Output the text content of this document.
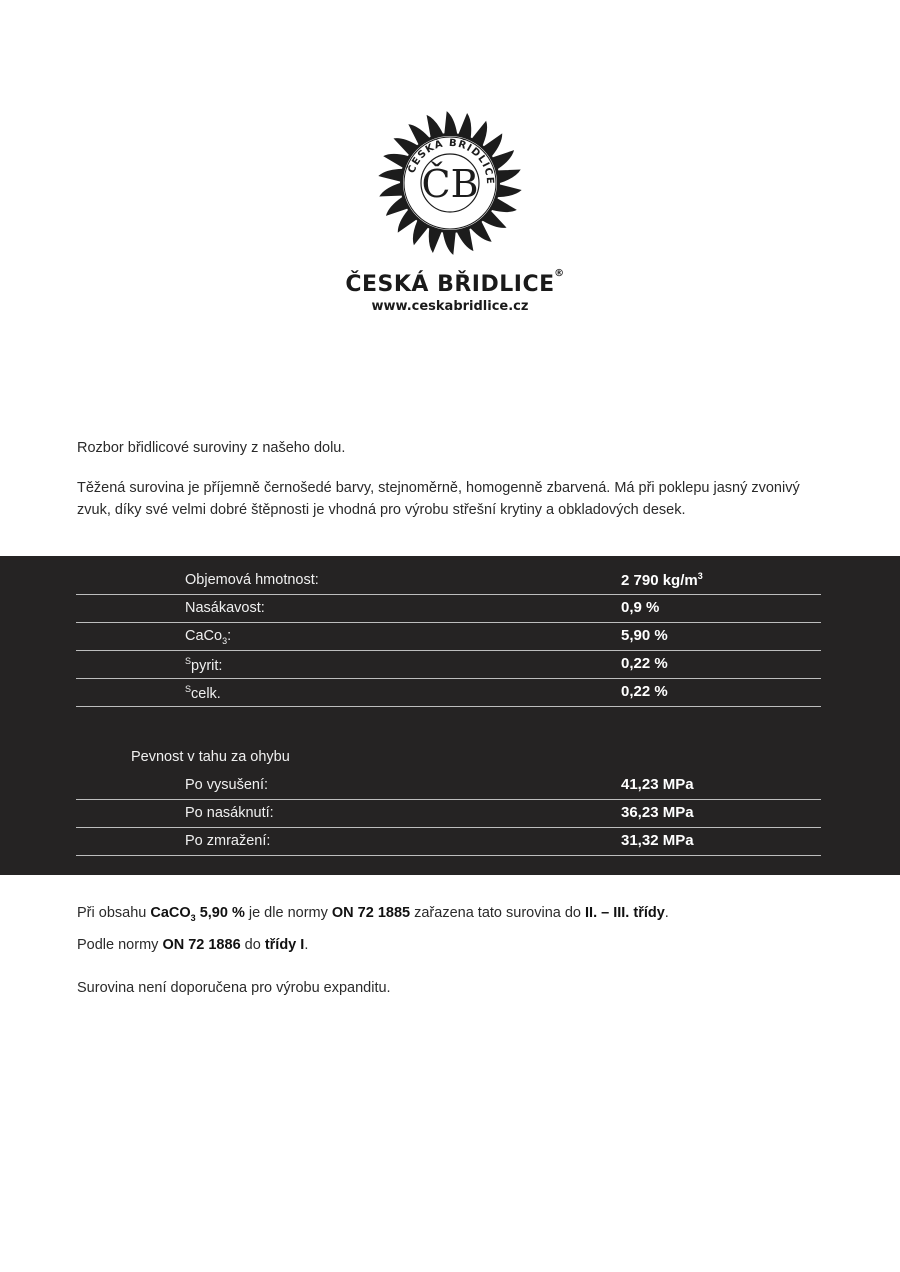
ČESKÁ BŘIDLICE
ČB
ČESKÁ BŘIDLICE ®
www.ceskabridlice.cz

Rozbor břidlicové suroviny z našeho dolu.

Těžená surovina je příjemně černošedé barvy, stejnoměrně, homogenně zbarvená. Má při poklepu jasný zvonivý zvuk, díky své velmi dobré štěpnosti je vhodná pro výrobu střešní krytiny a obkladových desek.

Objemová hmotnost:	2 790 $kg/m^3$
Nasákavost:	0,9 %
CaCo$_3$:	5,90 %
$^S$pyrit:	0,22 %
$^S$celk.	0,22 %
Pevnost v tahu za ohybu
Po vysušení:	41,23 MPa
Po nasáknutí:	36,23 MPa
Po zmražení:	31,32 MPa

Při obsahu CaCO$_3$ 5,90 % je dle normy ON 72 1885 zařazena tato surovina do II. – III. třídy.

Podle normy ON 72 1886 do třídy I.

Surovina není doporučena pro výrobu expanditu.
